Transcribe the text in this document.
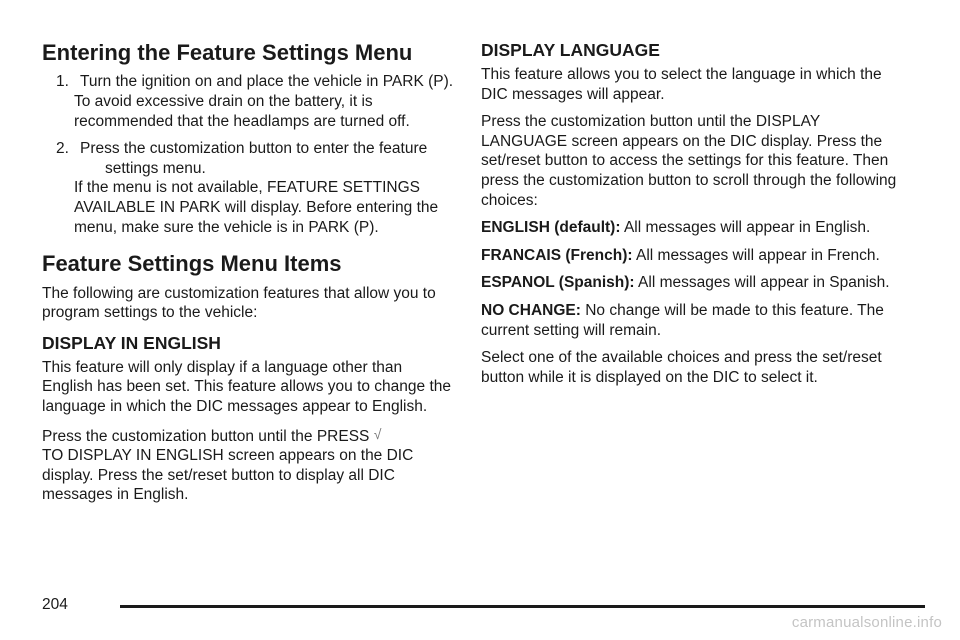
Entering the Feature Settings Menu
1. Turn the ignition on and place the vehicle in PARK (P).

To avoid excessive drain on the battery, it is recommended that the headlamps are turned off.

2. Press the customization button to enter the feature settings menu.

If the menu is not available, FEATURE SETTINGS AVAILABLE IN PARK will display. Before entering the menu, make sure the vehicle is in PARK (P).

Feature Settings Menu Items

The following are customization features that allow you to program settings to the vehicle:

DISPLAY IN ENGLISH

This feature will only display if a language other than English has been set. This feature allows you to change the language in which the DIC messages appear to English.

Press the customization button until the PRESS √
TO DISPLAY IN ENGLISH screen appears on the DIC display. Press the set/reset button to display all DIC messages in English.

DISPLAY LANGUAGE

This feature allows you to select the language in which the DIC messages will appear.

Press the customization button until the DISPLAY LANGUAGE screen appears on the DIC display. Press the set/reset button to access the settings for this feature. Then press the customization button to scroll through the following choices:

ENGLISH (default): All messages will appear in English.

FRANCAIS (French): All messages will appear in French.

ESPANOL (Spanish): All messages will appear in Spanish.

NO CHANGE: No change will be made to this feature. The current setting will remain.

Select one of the available choices and press the set/reset button while it is displayed on the DIC to select it.

204
carmanualsonline.info
